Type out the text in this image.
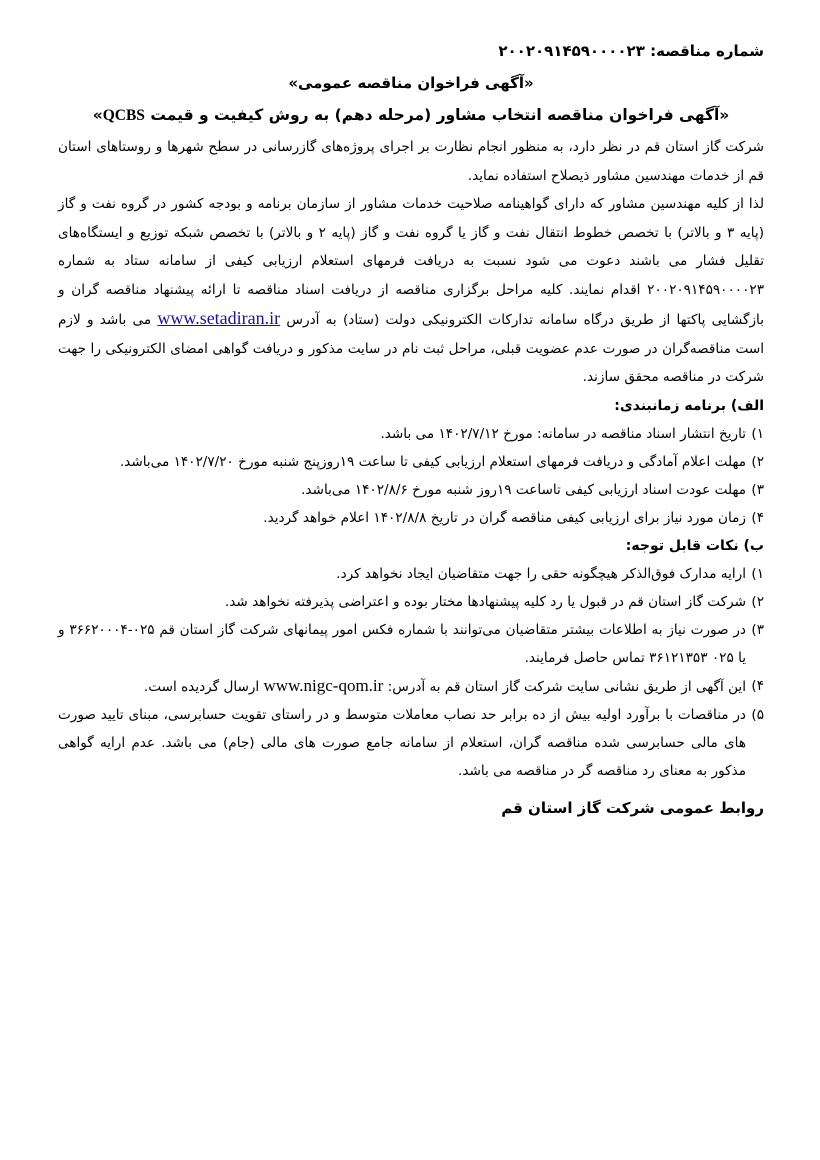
شماره مناقصه: ۲۰۰۲۰۹۱۴۵۹۰۰۰۰۲۳
«آگهی فراخوان مناقصه عمومی»
«آگهی فراخوان مناقصه انتخاب مشاور (مرحله دهم) به روش کیفیت و قیمت QCBS»

شرکت گاز استان قم در نظر دارد، به منظور انجام نظارت بر اجرای پروژه‌های گازرسانی در سطح شهرها و روستاهای استان قم از خدمات مهندسین مشاور ذیصلاح استفاده نماید.

لذا از کلیه مهندسین مشاور که دارای گواهینامه صلاحیت خدمات مشاور از سازمان برنامه و بودجه کشور در گروه نفت و گاز (پایه ۳ و بالاتر) با تخصص خطوط انتقال نفت و گاز یا گروه نفت و گاز (پایه ۲ و بالاتر) با تخصص شبکه توزیع و ایستگاه‌های تقلیل فشار می باشند دعوت می شود نسبت به دریافت فرمهای استعلام ارزیابی کیفی از سامانه ستاد به شماره ۲۰۰۲۰۹۱۴۵۹۰۰۰۰۲۳ اقدام نمایند. کلیه مراحل برگزاری مناقصه از دریافت اسناد مناقصه تا ارائه پیشنهاد مناقصه گران و بازگشایی پاکتها از طریق درگاه سامانه تدارکات الکترونیکی دولت (ستاد) به آدرس www.setadiran.ir می باشد و لازم است مناقصه‌گران در صورت عدم عضویت قبلی، مراحل ثبت نام در سایت مذکور و دریافت گواهی امضای الکترونیکی را جهت شرکت در مناقصه محقق سازند.

الف) برنامه زمانبندی:
۱)
تاریخ انتشار اسناد مناقصه در سامانه: مورخ ۱۴۰۲/۷/۱۲ می باشد.
۲)
مهلت اعلام آمادگی و دریافت فرمهای استعلام ارزیابی کیفی تا ساعت ۱۹روزپنج شنبه مورخ ۱۴۰۲/۷/۲۰ می‌باشد.
۳)
مهلت عودت اسناد ارزیابی کیفی تاساعت ۱۹روز شنبه مورخ ۱۴۰۲/۸/۶ می‌باشد.
۴)
زمان مورد نیاز برای ارزیابی کیفی مناقصه گران در تاریخ ۱۴۰۲/۸/۸ اعلام خواهد گردید.
ب) نکات قابل توجه:
۱)
ارایه مدارک فوق‌الذکر هیچگونه حقی را جهت متقاضیان ایجاد نخواهد کرد.
۲)
شرکت گاز استان قم در قبول یا رد کلیه پیشنهادها مختار بوده و اعتراضی پذیرفته نخواهد شد.
۳)
در صورت نیاز به اطلاعات بیشتر متقاضیان می‌توانند با شماره فکس امور پیمانهای شرکت گاز استان قم ۰۲۵-۳۶۶۲۰۰۰۴ و یا ۰۲۵ ۳۶۱۲۱۳۵۳ تماس حاصل فرمایند.
۴)
این آگهی از طریق نشانی سایت شرکت گاز استان قم به آدرس: www.nigc-qom.ir ارسال گردیده است.
۵)
در مناقصات با برآورد اولیه بیش از ده برابر حد نصاب معاملات متوسط و در راستای تقویت حسابرسی، مبنای تایید صورت های مالی حسابرسی شده مناقصه گران، استعلام از سامانه جامع صورت های مالی (جام) می باشد. عدم ارایه گواهی مذکور به معنای رد مناقصه گر در مناقصه می باشد.
روابط عمومی شرکت گاز استان قم
